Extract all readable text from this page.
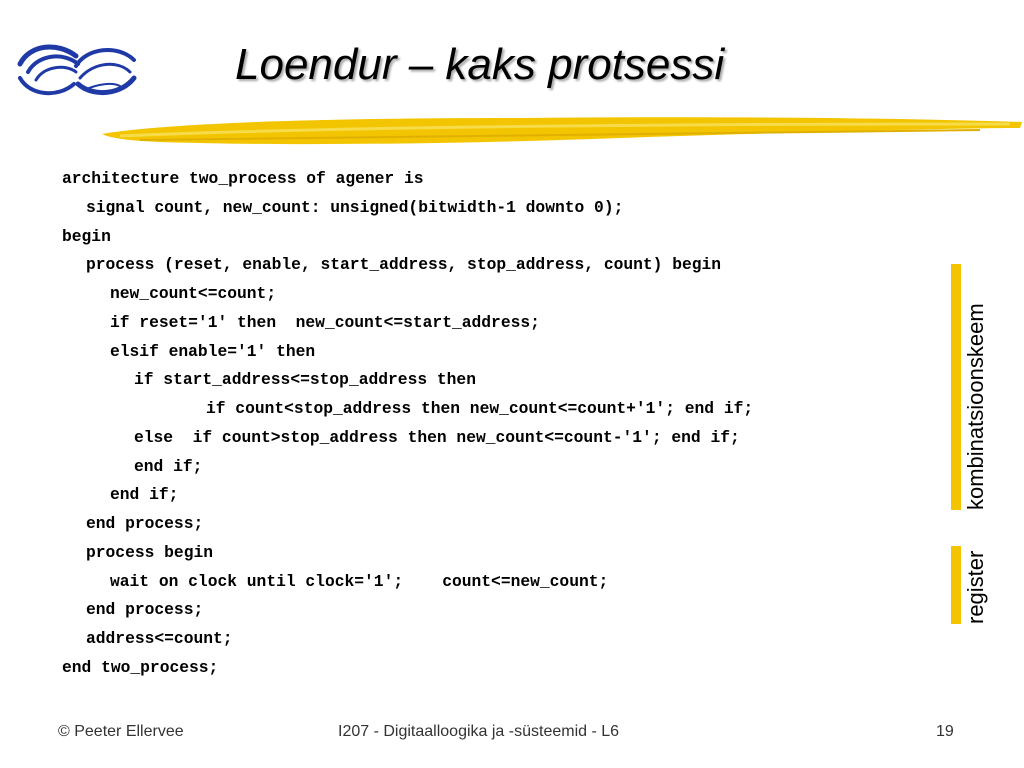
Loendur – kaks protsessi
architecture two_process of agener is
signal count, new_count: unsigned(bitwidth-1 downto 0);
begin
process (reset, enable, start_address, stop_address, count) begin
new_count<=count;
if reset='1' then  new_count<=start_address;
elsif enable='1' then
if start_address<=stop_address then
if count<stop_address then new_count<=count+'1'; end if;
else  if count>stop_address then new_count<=count-'1'; end if;
end if;
end if;
end process;
process begin
wait on clock until clock='1';    count<=new_count;
end process;
address<=count;
end two_process;
kombinatsioonskeem
register
© Peeter Ellervee	I207 - Digitaalloogika ja -süsteemid - L6	19
